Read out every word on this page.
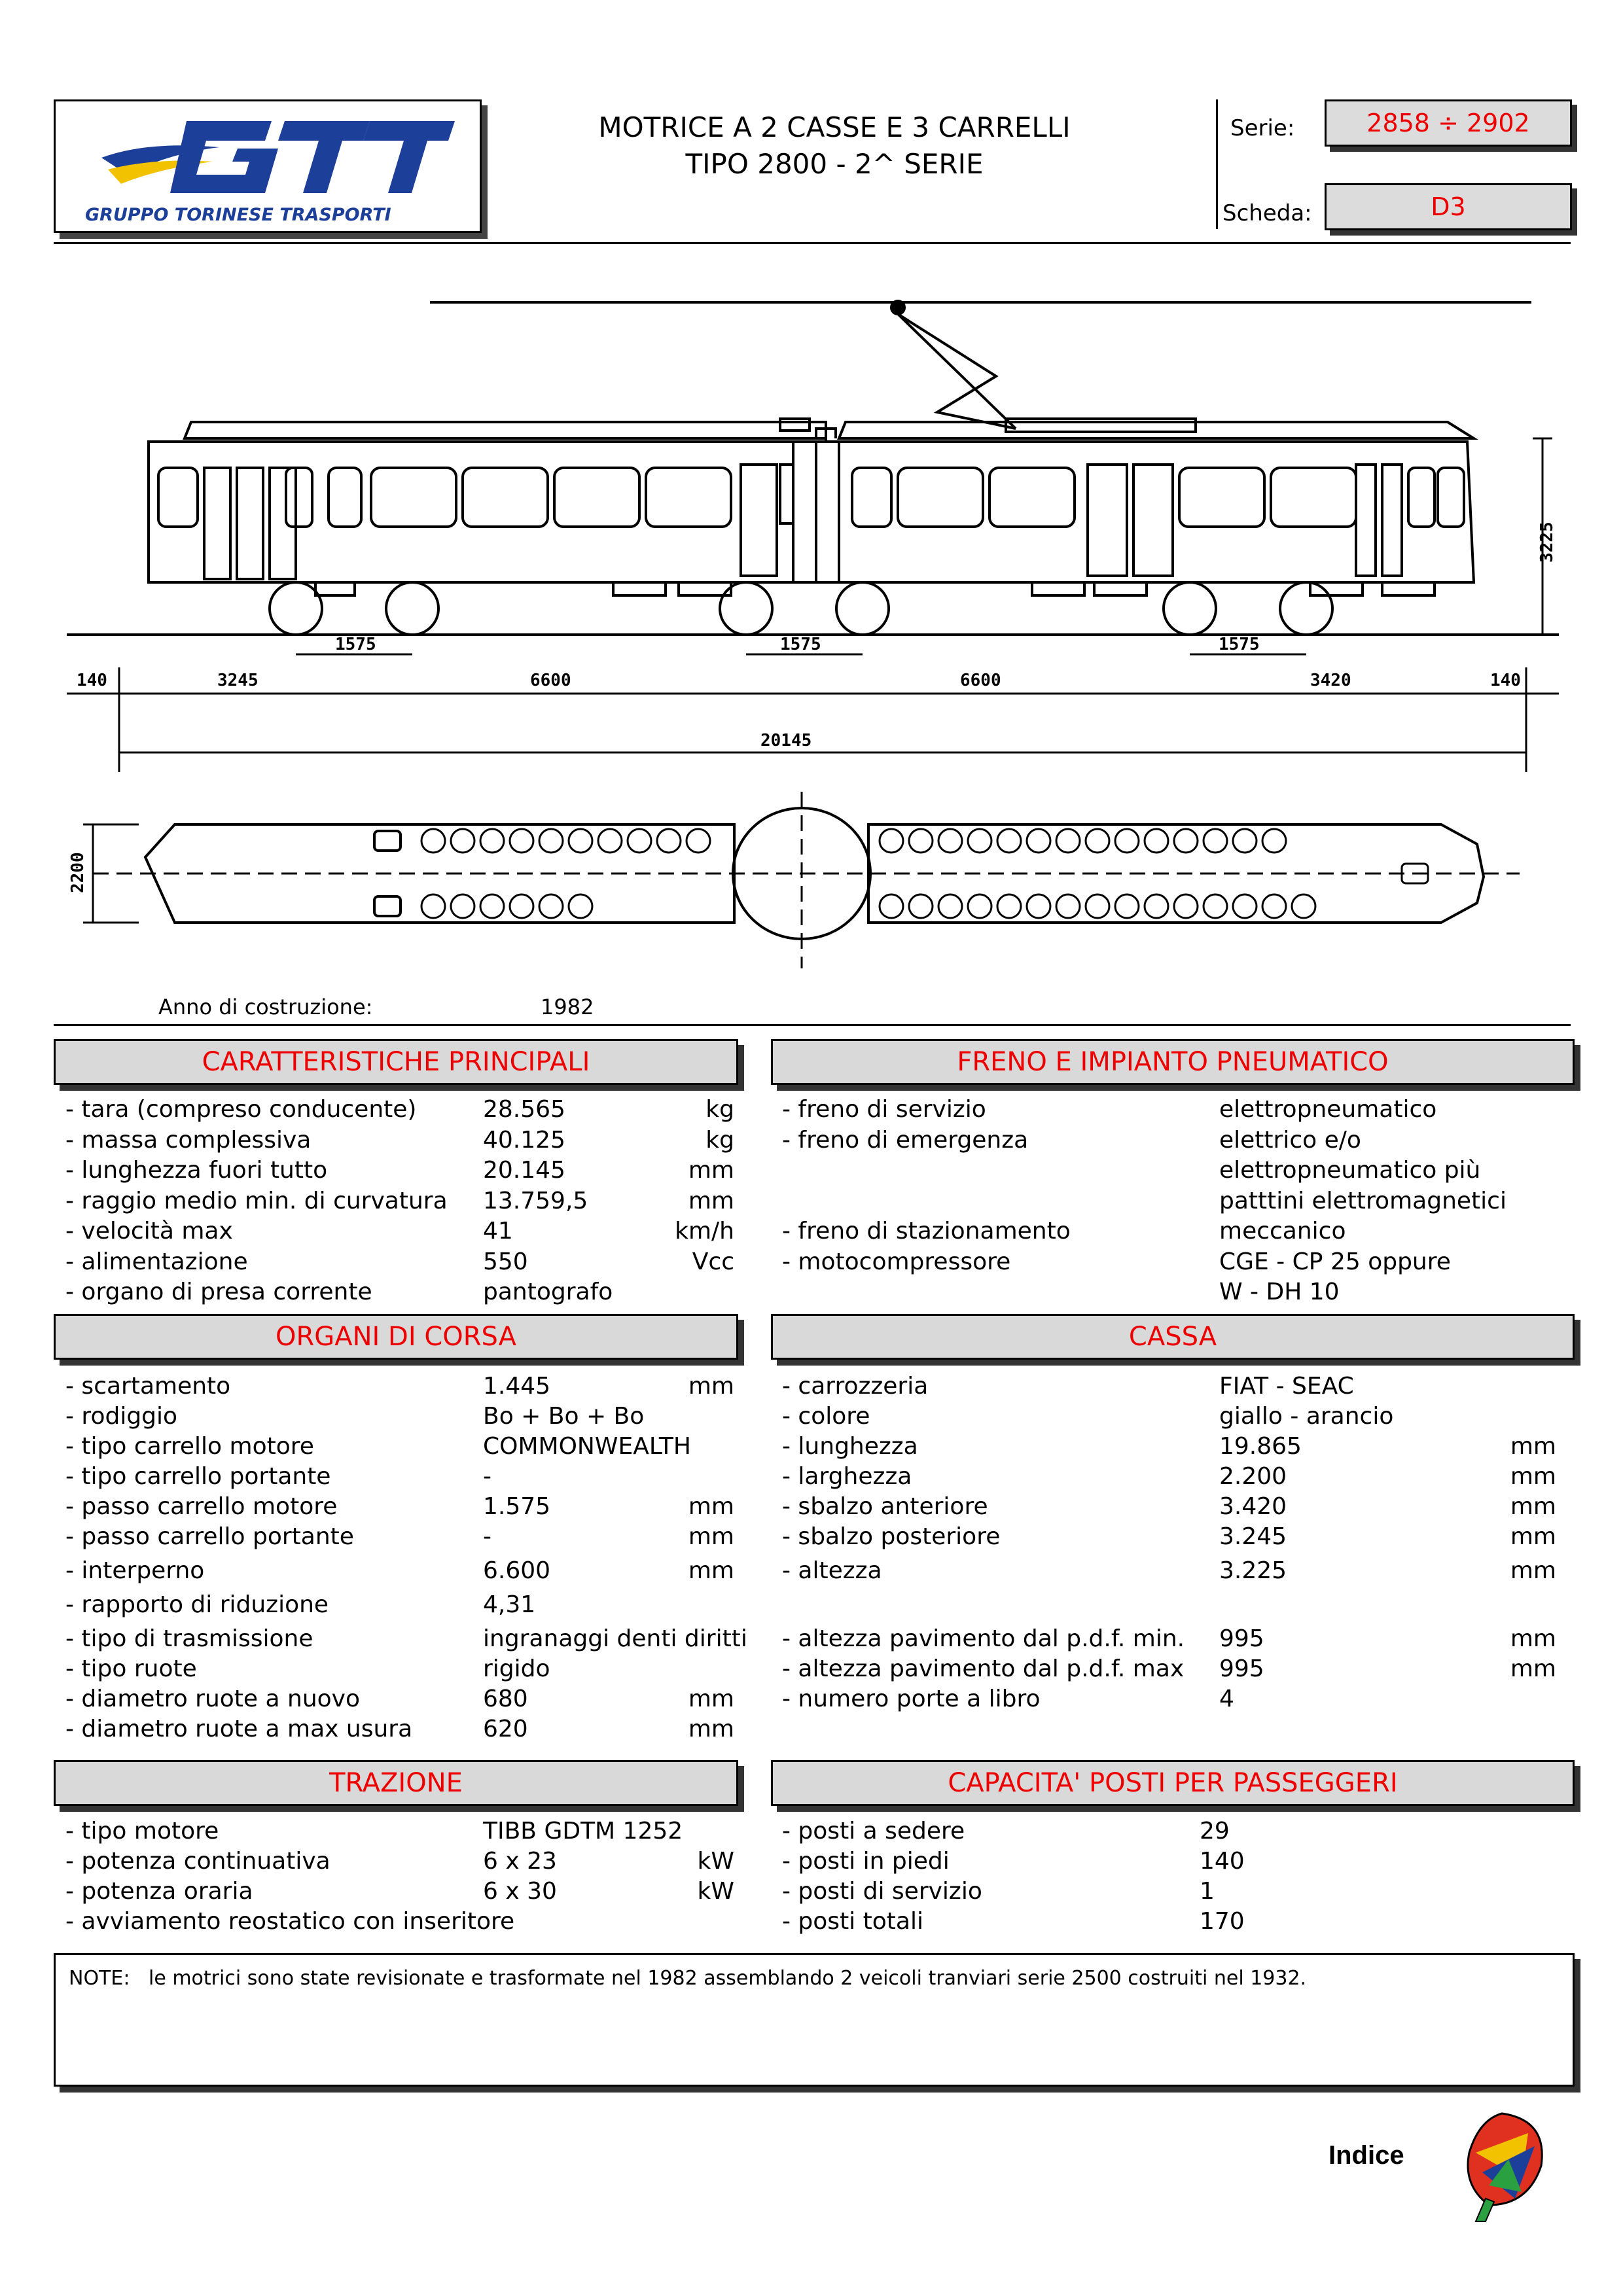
GRUPPO TORINESE TRASPORTI
MOTRICE A 2 CASSE E 3 CARRELLI
TIPO 2800 - 2^ SERIE
Serie:	2858 ÷ 2902
Scheda:	D3
140	3245	6600	6600	3420	140
1575	1575	1575
20145
3225
2200
Anno di costruzione:	1982
CARATTERISTICHE PRINCIPALI	FRENO E IMPIANTO PNEUMATICO
ORGANI DI CORSA	CASSA
TRAZIONE	CAPACITA' POSTI PER PASSEGGERI
- tara (compreso conducente)	28.565	kg
- massa complessiva	40.125	kg
- lunghezza fuori tutto	20.145	mm
- raggio medio min. di curvatura 13.759,5	mm
- velocità max	41	km/h
- alimentazione	550	Vcc
- organo di presa corrente	pantografo
- freno di servizio	elettropneumatico
- freno di emergenza	elettrico e/o
elettropneumatico più
patttini elettromagnetici
- freno di stazionamento	meccanico
- motocompressore	CGE - CP 25 oppure
W - DH 10
- scartamento	1.445	mm
- rodiggio	Bo + Bo + Bo
- tipo carrello motore	COMMONWEALTH
- tipo carrello portante	-
- passo carrello motore	1.575	mm
- passo carrello portante	-	mm
- interperno	6.600	mm
- rapporto di riduzione	4,31
- tipo di trasmissione	ingranaggi denti diritti
- tipo ruote	rigido
- diametro ruote a nuovo	680	mm
- diametro ruote a max usura	620	mm
- carrozzeria	FIAT - SEAC
- colore	giallo - arancio
- lunghezza	19.865	mm
- larghezza	2.200	mm
- sbalzo anteriore	3.420	mm
- sbalzo posteriore	3.245	mm
- altezza	3.225	mm
- altezza pavimento dal p.d.f. min. 995	mm
- altezza pavimento dal p.d.f. max 995	mm
- numero porte a libro	4
- tipo motore	TIBB GDTM 1252
- potenza continuativa	6 x 23	kW
- potenza oraria	6 x 30	kW
- avviamento reostatico con inseritore
- posti a sedere	29
- posti in piedi	140
- posti di servizio	1
- posti totali	170
NOTE: le motrici sono state revisionate e trasformate nel 1982 assemblando 2 veicoli tranviari serie 2500 costruiti nel 1932.
Indice
